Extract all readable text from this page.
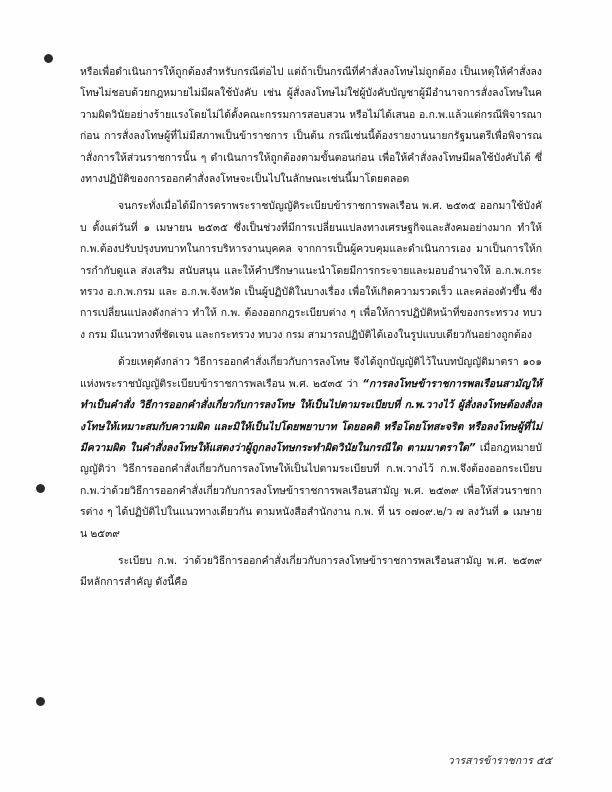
หรือเพื่อดำเนินการให้ถูกต้องสำหรับกรณีต่อไป แต่ถ้าเป็นกรณีที่คำสั่งลงโทษไม่ถูกต้อง เป็นเหตุให้คำสั่งลงโทษไม่ชอบด้วยกฎหมายไม่มีผลใช้บังคับ เช่น ผู้สั่งลงโทษไม่ใช่ผู้บังคับบัญชาผู้มีอำนาจการสั่งลงโทษในความผิดวินัยอย่างร้ายแรงโดยไม่ได้ตั้งคณะกรรมการสอบสวน หรือไม่ได้เสนอ อ.ก.พ.แล้วแต่กรณีพิจารณาก่อน การสั่งลงโทษผู้ที่ไม่มีสภาพเป็นข้าราชการ เป็นต้น กรณีเช่นนี้ต้องรายงานนายกรัฐมนตรีเพื่อพิจารณาสั่งการให้ส่วนราชการนั้น ๆ ดำเนินการให้ถูกต้องตามขั้นตอนก่อน เพื่อให้คำสั่งลงโทษมีผลใช้บังคับได้ ซึ่งทางปฏิบัติของการออกคำสั่งลงโทษจะเป็นไปในลักษณะเช่นนี้มาโดยตลอด

จนกระทั่งเมื่อได้มีการตราพระราชบัญญัติระเบียบข้าราชการพลเรือน พ.ศ. ๒๕๓๕ ออกมาใช้บังคับ ตั้งแต่วันที่ ๑ เมษายน ๒๕๓๕ ซึ่งเป็นช่วงที่มีการเปลี่ยนแปลงทางเศรษฐกิจและสังคมอย่างมาก ทำให้ ก.พ.ต้องปรับปรุงบทบาทในการบริหารงานบุคคล จากการเป็นผู้ควบคุมและดำเนินการเอง มาเป็นการให้การกำกับดูแล ส่งเสริม สนับสนุน และให้คำปรึกษาแนะนำโดยมีการกระจายและมอบอำนาจให้ อ.ก.พ.กระทรวง อ.ก.พ.กรม และ อ.ก.พ.จังหวัด เป็นผู้ปฏิบัติในบางเรื่อง เพื่อให้เกิดความรวดเร็ว และคล่องตัวขึ้น ซึ่งการเปลี่ยนแปลงดังกล่าว ทำให้ ก.พ. ต้องออกกฎระเบียบต่าง ๆ เพื่อให้การปฏิบัติหน้าที่ของกระทรวง ทบวง กรม มีแนวทางที่ชัดเจน และกระทรวง ทบวง กรม สามารถปฏิบัติได้เองในรูปแบบเดียวกันอย่างถูกต้อง

ด้วยเหตุดังกล่าว วิธีการออกคำสั่งเกี่ยวกับการลงโทษ จึงได้ถูกบัญญัติไว้ในบทบัญญัติมาตรา ๑๐๑ แห่งพระราชบัญญัติระเบียบข้าราชการพลเรือน พ.ศ. ๒๕๓๕ ว่า “การลงโทษข้าราชการพลเรือนสามัญให้ทำเป็นคำสั่ง วิธีการออกคำสั่งเกี่ยวกับการลงโทษ ให้เป็นไปตามระเบียบที่ ก.พ.วางไว้ ผู้สั่งลงโทษต้องสั่งลงโทษให้เหมาะสมกับความผิด และมิให้เป็นไปโดยพยาบาท โดยอคติ หรือโดยโทสะจริต หรือลงโทษผู้ที่ไม่มีความผิด ในคำสั่งลงโทษให้แสดงว่าผู้ถูกลงโทษกระทำผิดวินัยในกรณีใด ตามมาตราใด” เมื่อกฎหมายบัญญัติว่า วิธีการออกคำสั่งเกี่ยวกับการลงโทษให้เป็นไปตามระเบียบที่ ก.พ.วางไว้ ก.พ.จึงต้องออกระเบียบ ก.พ.ว่าด้วยวิธีการออกคำสั่งเกี่ยวกับการลงโทษข้าราชการพลเรือนสามัญ พ.ศ. ๒๕๓๙ เพื่อให้ส่วนราชการต่าง ๆ ได้ปฏิบัติไปในแนวทางเดียวกัน ตามหนังสือสำนักงาน ก.พ. ที่ นร ๐๗๐๙.๒/ว ๗ ลงวันที่ ๑ เมษายน ๒๕๓๙

ระเบียบ ก.พ. ว่าด้วยวิธีการออกคำสั่งเกี่ยวกับการลงโทษข้าราชการพลเรือนสามัญ พ.ศ. ๒๕๓๙ มีหลักการสำคัญ ดังนี้คือ

วารสารข้าราชการ ๕๕
